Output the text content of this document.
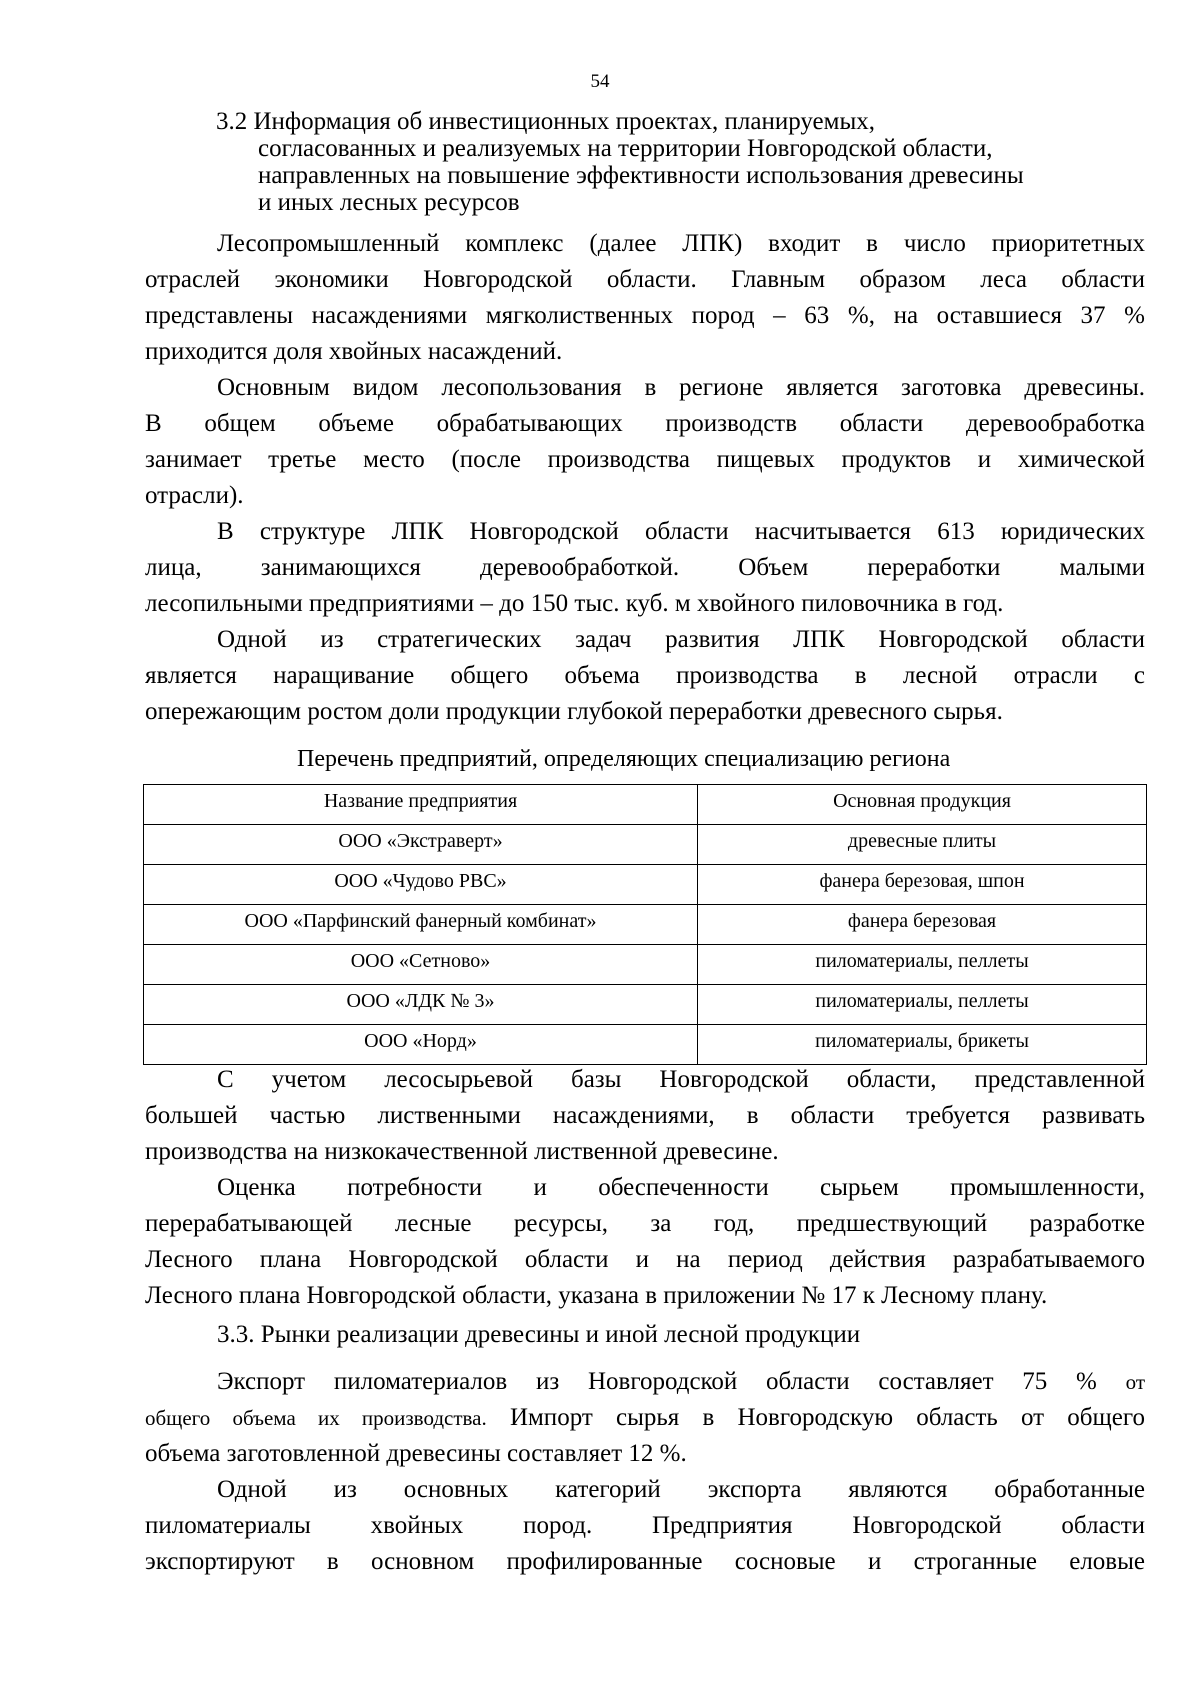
54
3.2 Информация об инвестиционных проектах, планируемых,
согласованных и реализуемых на территории Новгородской области,
направленных на повышение эффективности использования древесины
и иных лесных ресурсов
Лесопромышленный комплекс (далее ЛПК) входит в число приоритетных
отраслей экономики Новгородской области. Главным образом леса области
представлены насаждениями мягколиственных пород – 63 %, на оставшиеся 37 %
приходится доля хвойных насаждений.
Основным видом лесопользования в регионе является заготовка древесины.
В общем объеме обрабатывающих производств области деревообработка
занимает третье место (после производства пищевых продуктов и химической
отрасли).
В структуре ЛПК Новгородской области насчитывается 613 юридических
лица, занимающихся деревообработкой. Объем переработки малыми
лесопильными предприятиями – до 150 тыс. куб. м хвойного пиловочника в год.
Одной из стратегических задач развития ЛПК Новгородской области
является наращивание общего объема производства в лесной отрасли с
опережающим ростом доли продукции глубокой переработки древесного сырья.
Перечень предприятий, определяющих специализацию региона
Название предприятия	Основная продукция
ООО «Экстраверт»	древесные плиты
ООО «Чудово РВС»	фанера березовая, шпон
ООО «Парфинский фанерный комбинат»	фанера березовая
ООО «Сетново»	пиломатериалы, пеллеты
ООО «ЛДК № 3»	пиломатериалы, пеллеты
ООО «Норд»	пиломатериалы, брикеты
С учетом лесосырьевой базы Новгородской области, представленной
большей частью лиственными насаждениями, в области требуется развивать
производства на низкокачественной лиственной древесине.
Оценка потребности и обеспеченности сырьем промышленности,
перерабатывающей лесные ресурсы, за год, предшествующий разработке
Лесного плана Новгородской области и на период действия разрабатываемого
Лесного плана Новгородской области, указана в приложении № 17 к Лесному плану.
3.3. Рынки реализации древесины и иной лесной продукции
Экспорт пиломатериалов из Новгородской области составляет 75 % от
общего объема их производства. Импорт сырья в Новгородскую область от общего
объема заготовленной древесины составляет 12 %.
Одной из основных категорий экспорта являются обработанные
пиломатериалы хвойных пород. Предприятия Новгородской области
экспортируют в основном профилированные сосновые и строганные еловые
